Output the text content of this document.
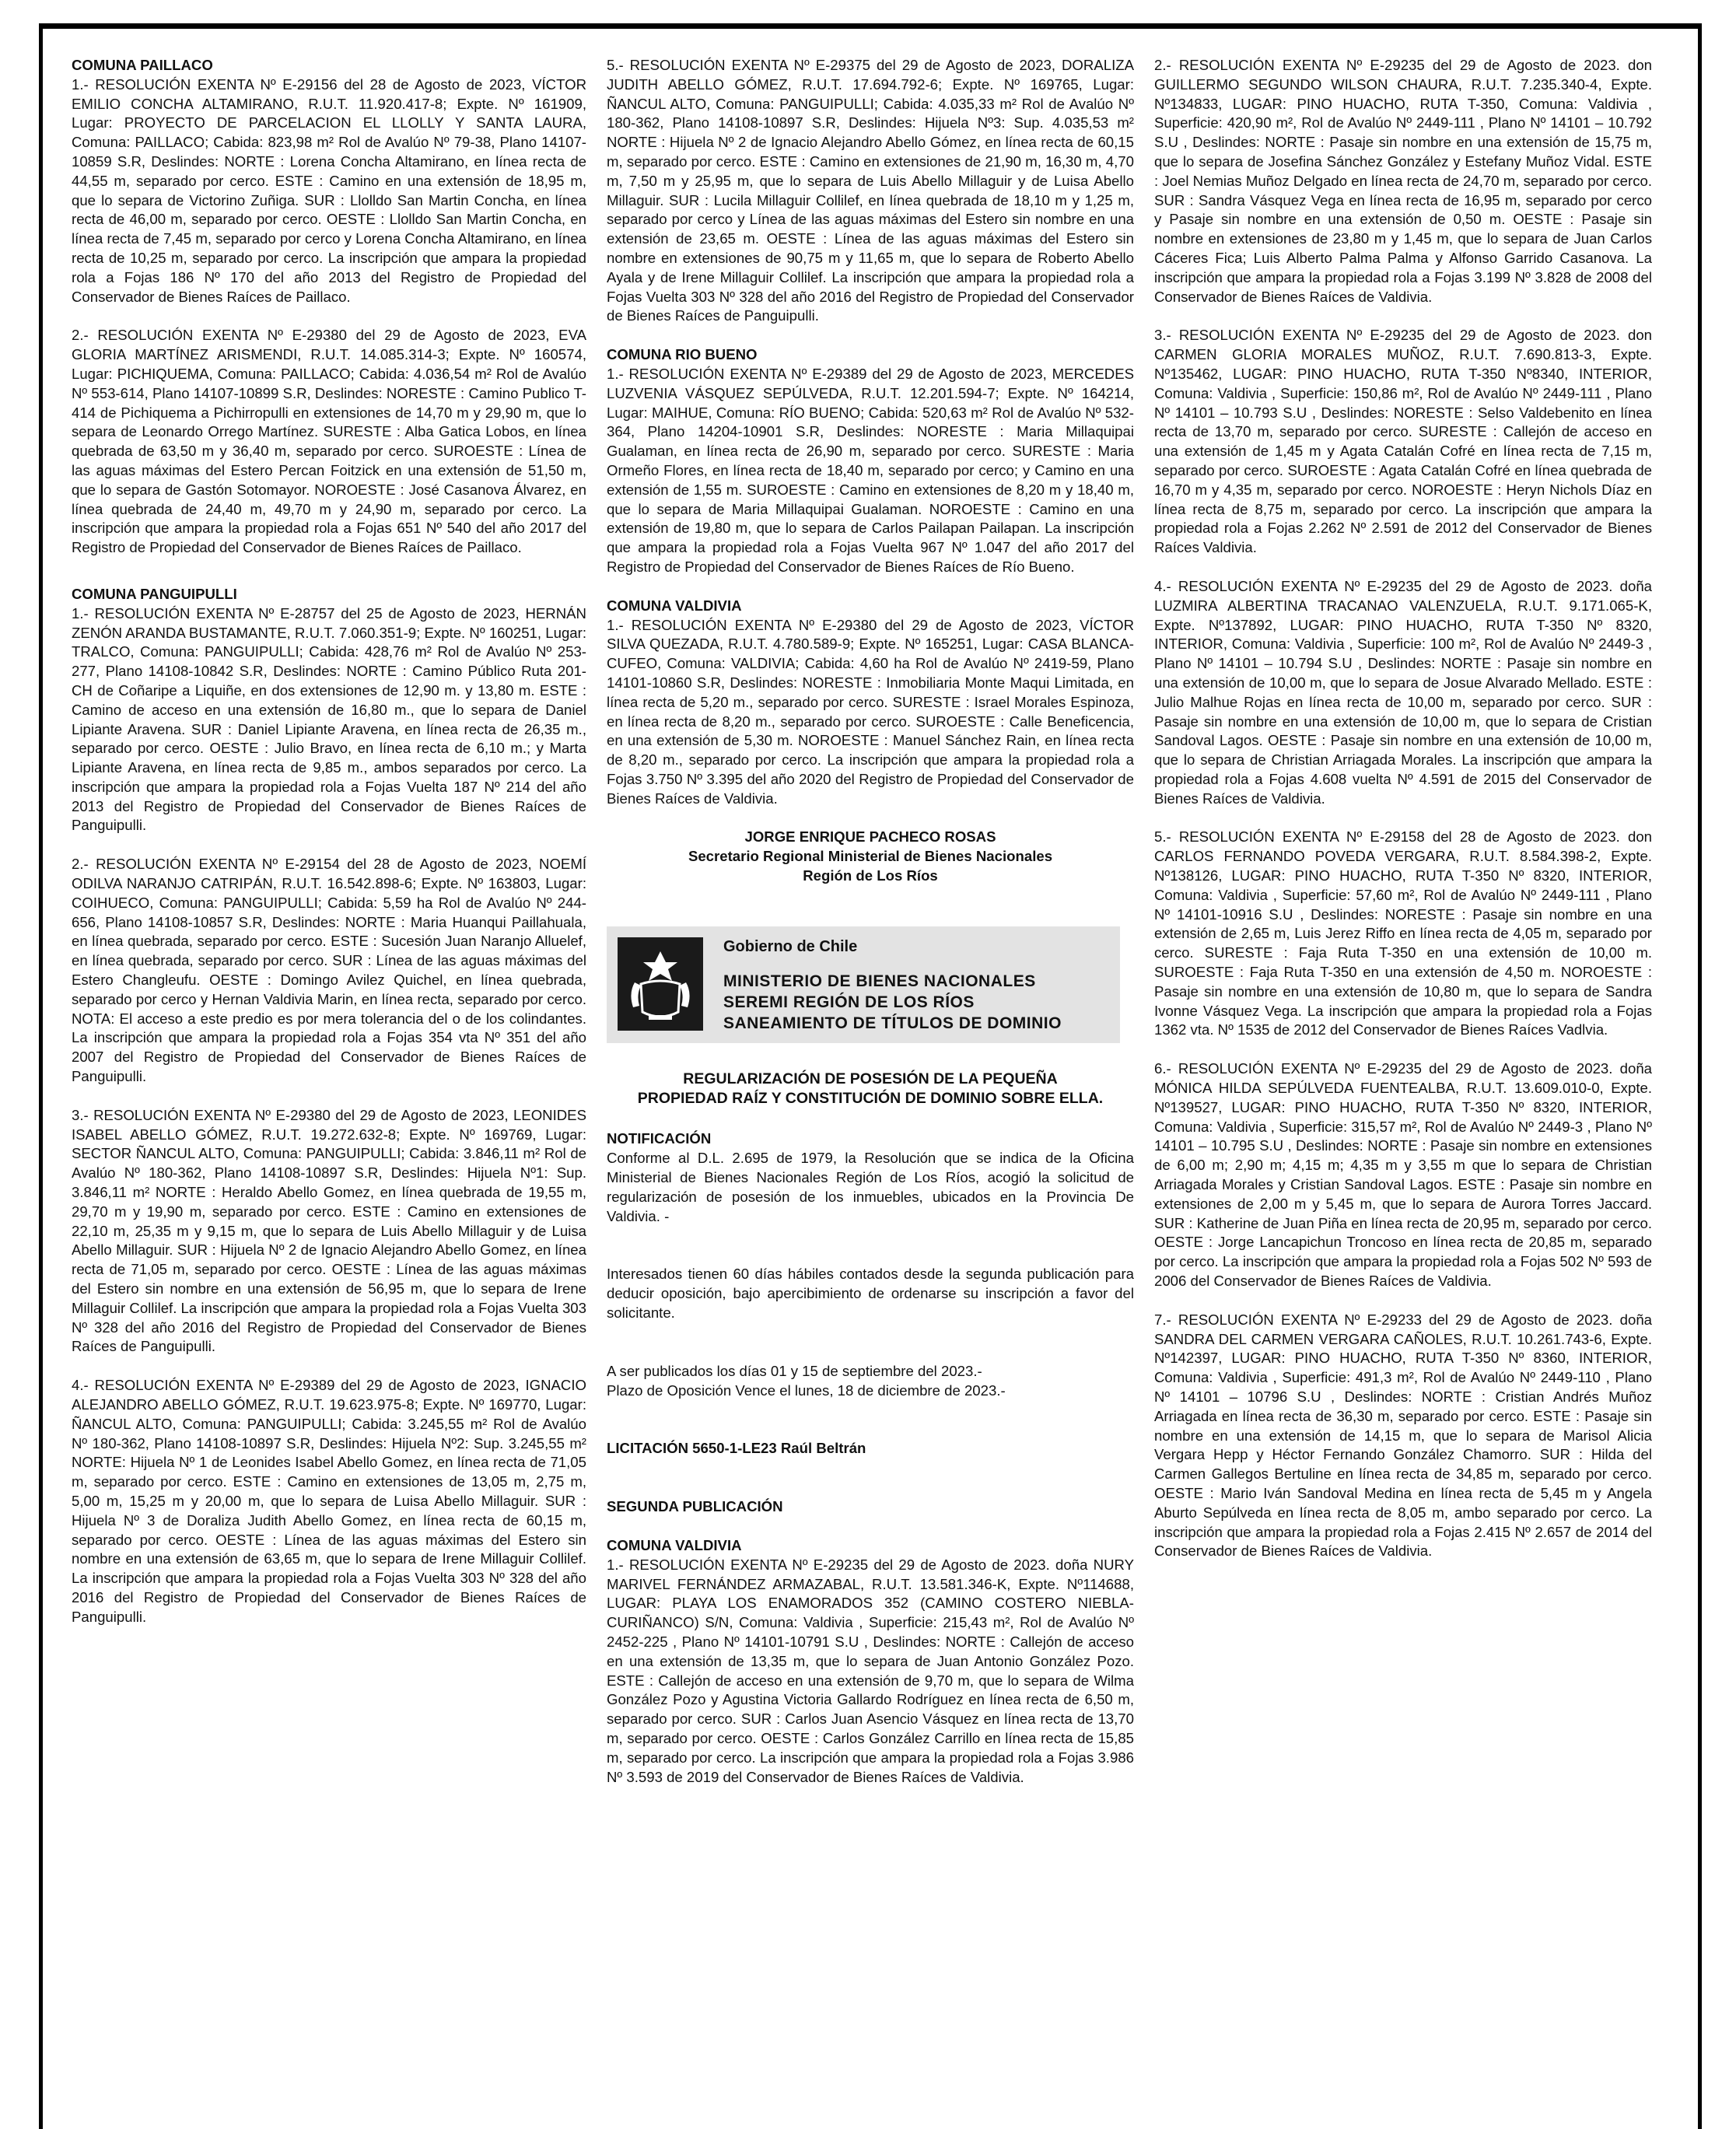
COMUNA PAILLACO

1.- RESOLUCIÓN EXENTA Nº E-29156 del 28 de Agosto de 2023, VÍCTOR EMILIO CONCHA ALTAMIRANO, R.U.T. 11.920.417-8; Expte. Nº 161909, Lugar: PROYECTO DE PARCELACION EL LLOLLY Y SANTA LAURA, Comuna: PAILLACO; Cabida: 823,98 m² Rol de Avalúo Nº 79-38, Plano 14107-10859 S.R, Deslindes: NORTE : Lorena Concha Altamirano, en línea recta de 44,55 m, separado por cerco. ESTE : Camino en una extensión de 18,95 m, que lo separa de Victorino Zuñiga. SUR : Llolldo San Martin Concha, en línea recta de 46,00 m, separado por cerco. OESTE : Llolldo San Martin Concha, en línea recta de 7,45 m, separado por cerco y Lorena Concha Altamirano, en línea recta de 10,25 m, separado por cerco. La inscripción que ampara la propiedad rola a Fojas 186 Nº 170 del año 2013 del Registro de Propiedad del Conservador de Bienes Raíces de Paillaco.

2.- RESOLUCIÓN EXENTA Nº E-29380 del 29 de Agosto de 2023, EVA GLORIA MARTÍNEZ ARISMENDI, R.U.T. 14.085.314-3; Expte. Nº 160574, Lugar: PICHIQUEMA, Comuna: PAILLACO; Cabida: 4.036,54 m² Rol de Avalúo Nº 553-614, Plano 14107-10899 S.R, Deslindes: NORESTE : Camino Publico T-414 de Pichiquema a Pichirropulli en extensiones de 14,70 m y 29,90 m, que lo separa de Leonardo Orrego Martínez. SURESTE : Alba Gatica Lobos, en línea quebrada de 63,50 m y 36,40 m, separado por cerco. SUROESTE : Línea de las aguas máximas del Estero Percan Foitzick en una extensión de 51,50 m, que lo separa de Gastón Sotomayor. NOROESTE : José Casanova Álvarez, en línea quebrada de 24,40 m, 49,70 m y 24,90 m, separado por cerco. La inscripción que ampara la propiedad rola a Fojas 651 Nº 540 del año 2017 del Registro de Propiedad del Conservador de Bienes Raíces de Paillaco.

COMUNA PANGUIPULLI

1.- RESOLUCIÓN EXENTA Nº E-28757 del 25 de Agosto de 2023, HERNÁN ZENÓN ARANDA BUSTAMANTE, R.U.T. 7.060.351-9; Expte. Nº 160251, Lugar: TRALCO, Comuna: PANGUIPULLI; Cabida: 428,76 m² Rol de Avalúo Nº 253-277, Plano 14108-10842 S.R, Deslindes: NORTE : Camino Público Ruta 201-CH de Coñaripe a Liquiñe, en dos extensiones de 12,90 m. y 13,80 m. ESTE : Camino de acceso en una extensión de 16,80 m., que lo separa de Daniel Lipiante Aravena. SUR : Daniel Lipiante Aravena, en línea recta de 26,35 m., separado por cerco. OESTE : Julio Bravo, en línea recta de 6,10 m.; y Marta Lipiante Aravena, en línea recta de 9,85 m., ambos separados por cerco. La inscripción que ampara la propiedad rola a Fojas Vuelta 187 Nº 214 del año 2013 del Registro de Propiedad del Conservador de Bienes Raíces de Panguipulli.

2.- RESOLUCIÓN EXENTA Nº E-29154 del 28 de Agosto de 2023, NOEMÍ ODILVA NARANJO CATRIPÁN, R.U.T. 16.542.898-6; Expte. Nº 163803, Lugar: COIHUECO, Comuna: PANGUIPULLI; Cabida: 5,59 ha Rol de Avalúo Nº 244-656, Plano 14108-10857 S.R, Deslindes: NORTE : Maria Huanqui Paillahuala, en línea quebrada, separado por cerco. ESTE : Sucesión Juan Naranjo Alluelef, en línea quebrada, separado por cerco. SUR : Línea de las aguas máximas del Estero Changleufu. OESTE : Domingo Avilez Quichel, en línea quebrada, separado por cerco y Hernan Valdivia Marin, en línea recta, separado por cerco. NOTA: El acceso a este predio es por mera tolerancia del o de los colindantes. La inscripción que ampara la propiedad rola a Fojas 354 vta Nº 351 del año 2007 del Registro de Propiedad del Conservador de Bienes Raíces de Panguipulli.

3.- RESOLUCIÓN EXENTA Nº E-29380 del 29 de Agosto de 2023, LEONIDES ISABEL ABELLO GÓMEZ, R.U.T. 19.272.632-8; Expte. Nº 169769, Lugar: SECTOR ÑANCUL ALTO, Comuna: PANGUIPULLI; Cabida: 3.846,11 m² Rol de Avalúo Nº 180-362, Plano 14108-10897 S.R, Deslindes: Hijuela Nº1: Sup. 3.846,11 m² NORTE : Heraldo Abello Gomez, en línea quebrada de 19,55 m, 29,70 m y 19,90 m, separado por cerco. ESTE : Camino en extensiones de 22,10 m, 25,35 m y 9,15 m, que lo separa de Luis Abello Millaguir y de Luisa Abello Millaguir. SUR : Hijuela Nº 2 de Ignacio Alejandro Abello Gomez, en línea recta de 71,05 m, separado por cerco. OESTE : Línea de las aguas máximas del Estero sin nombre en una extensión de 56,95 m, que lo separa de Irene Millaguir Collilef. La inscripción que ampara la propiedad rola a Fojas Vuelta 303 Nº 328 del año 2016 del Registro de Propiedad del Conservador de Bienes Raíces de Panguipulli.

4.- RESOLUCIÓN EXENTA Nº E-29389 del 29 de Agosto de 2023, IGNACIO ALEJANDRO ABELLO GÓMEZ, R.U.T. 19.623.975-8; Expte. Nº 169770, Lugar: ÑANCUL ALTO, Comuna: PANGUIPULLI; Cabida: 3.245,55 m² Rol de Avalúo Nº 180-362, Plano 14108-10897 S.R, Deslindes: Hijuela Nº2: Sup. 3.245,55 m² NORTE: Hijuela Nº 1 de Leonides Isabel Abello Gomez, en línea recta de 71,05 m, separado por cerco. ESTE : Camino en extensiones de 13,05 m, 2,75 m, 5,00 m, 15,25 m y 20,00 m, que lo separa de Luisa Abello Millaguir. SUR : Hijuela Nº 3 de Doraliza Judith Abello Gomez, en línea recta de 60,15 m, separado por cerco. OESTE : Línea de las aguas máximas del Estero sin nombre en una extensión de 63,65 m, que lo separa de Irene Millaguir Collilef. La inscripción que ampara la propiedad rola a Fojas Vuelta 303 Nº 328 del año 2016 del Registro de Propiedad del Conservador de Bienes Raíces de Panguipulli.

5.- RESOLUCIÓN EXENTA Nº E-29375 del 29 de Agosto de 2023, DORALIZA JUDITH ABELLO GÓMEZ, R.U.T. 17.694.792-6; Expte. Nº 169765, Lugar: ÑANCUL ALTO, Comuna: PANGUIPULLI; Cabida: 4.035,33 m² Rol de Avalúo Nº 180-362, Plano 14108-10897 S.R, Deslindes: Hijuela Nº3: Sup. 4.035,53 m² NORTE : Hijuela Nº 2 de Ignacio Alejandro Abello Gómez, en línea recta de 60,15 m, separado por cerco. ESTE : Camino en extensiones de 21,90 m, 16,30 m, 4,70 m, 7,50 m y 25,95 m, que lo separa de Luis Abello Millaguir y de Luisa Abello Millaguir. SUR : Lucila Millaguir Collilef, en línea quebrada de 18,10 m y 1,25 m, separado por cerco y Línea de las aguas máximas del Estero sin nombre en una extensión de 23,65 m. OESTE : Línea de las aguas máximas del Estero sin nombre en extensiones de 90,75 m y 11,65 m, que lo separa de Roberto Abello Ayala y de Irene Millaguir Collilef. La inscripción que ampara la propiedad rola a Fojas Vuelta 303 Nº 328 del año 2016 del Registro de Propiedad del Conservador de Bienes Raíces de Panguipulli.

COMUNA RIO BUENO

1.- RESOLUCIÓN EXENTA Nº E-29389 del 29 de Agosto de 2023, MERCEDES LUZVENIA VÁSQUEZ SEPÚLVEDA, R.U.T. 12.201.594-7; Expte. Nº 164214, Lugar: MAIHUE, Comuna: RÍO BUENO; Cabida: 520,63 m² Rol de Avalúo Nº 532-364, Plano 14204-10901 S.R, Deslindes: NORESTE : Maria Millaquipai Gualaman, en línea recta de 26,90 m, separado por cerco. SURESTE : Maria Ormeño Flores, en línea recta de 18,40 m, separado por cerco; y Camino en una extensión de 1,55 m. SUROESTE : Camino en extensiones de 8,20 m y 18,40 m, que lo separa de Maria Millaquipai Gualaman. NOROESTE : Camino en una extensión de 19,80 m, que lo separa de Carlos Pailapan Pailapan. La inscripción que ampara la propiedad rola a Fojas Vuelta 967 Nº 1.047 del año 2017 del Registro de Propiedad del Conservador de Bienes Raíces de Río Bueno.

COMUNA VALDIVIA

1.- RESOLUCIÓN EXENTA Nº E-29380 del 29 de Agosto de 2023, VÍCTOR SILVA QUEZADA, R.U.T. 4.780.589-9; Expte. Nº 165251, Lugar: CASA BLANCA- CUFEO, Comuna: VALDIVIA; Cabida: 4,60 ha Rol de Avalúo Nº 2419-59, Plano 14101-10860 S.R, Deslindes: NORESTE : Inmobiliaria Monte Maqui Limitada, en línea recta de 5,20 m., separado por cerco. SURESTE : Israel Morales Espinoza, en línea recta de 8,20 m., separado por cerco. SUROESTE : Calle Beneficencia, en una extensión de 5,30 m. NOROESTE : Manuel Sánchez Rain, en línea recta de 8,20 m., separado por cerco. La inscripción que ampara la propiedad rola a Fojas 3.750 Nº 3.395 del año 2020 del Registro de Propiedad del Conservador de Bienes Raíces de Valdivia.

JORGE ENRIQUE PACHECO ROSAS
Secretario Regional Ministerial de Bienes Nacionales
Región de Los Ríos
Gobierno de Chile
MINISTERIO DE BIENES NACIONALES
SEREMI REGIÓN DE LOS RÍOS
SANEAMIENTO DE TÍTULOS DE DOMINIO
REGULARIZACIÓN DE POSESIÓN DE LA PEQUEÑA
PROPIEDAD RAÍZ Y CONSTITUCIÓN DE DOMINIO SOBRE ELLA.

NOTIFICACIÓN

Conforme al D.L. 2.695 de 1979, la Resolución que se indica de la Oficina Ministerial de Bienes Nacionales Región de Los Ríos, acogió la solicitud de regularización de posesión de los inmuebles, ubicados en la Provincia De Valdivia. -

Interesados tienen 60 días hábiles contados desde la segunda publicación para deducir oposición, bajo apercibimiento de ordenarse su inscripción a favor del solicitante.

A ser publicados los días 01 y 15 de septiembre del 2023.-

Plazo de Oposición Vence el lunes, 18 de diciembre de 2023.-

LICITACIÓN 5650-1-LE23 Raúl Beltrán

SEGUNDA PUBLICACIÓN

COMUNA VALDIVIA

1.- RESOLUCIÓN EXENTA Nº E-29235 del 29 de Agosto de 2023. doña NURY MARIVEL FERNÁNDEZ ARMAZABAL, R.U.T. 13.581.346-K, Expte. Nº114688, LUGAR: PLAYA LOS ENAMORADOS 352 (CAMINO COSTERO NIEBLA-CURIÑANCO) S/N, Comuna: Valdivia , Superficie: 215,43 m², Rol de Avalúo Nº 2452-225 , Plano Nº 14101-10791 S.U , Deslindes: NORTE : Callejón de acceso en una extensión de 13,35 m, que lo separa de Juan Antonio González Pozo. ESTE : Callejón de acceso en una extensión de 9,70 m, que lo separa de Wilma González Pozo y Agustina Victoria Gallardo Rodríguez en línea recta de 6,50 m, separado por cerco. SUR : Carlos Juan Asencio Vásquez en línea recta de 13,70 m, separado por cerco. OESTE : Carlos González Carrillo en línea recta de 15,85 m, separado por cerco. La inscripción que ampara la propiedad rola a Fojas 3.986 Nº 3.593 de 2019 del Conservador de Bienes Raíces de Valdivia.

2.- RESOLUCIÓN EXENTA Nº E-29235 del 29 de Agosto de 2023. don GUILLERMO SEGUNDO WILSON CHAURA, R.U.T. 7.235.340-4, Expte. Nº134833, LUGAR: PINO HUACHO, RUTA T-350, Comuna: Valdivia , Superficie: 420,90 m², Rol de Avalúo Nº 2449-111 , Plano Nº 14101 – 10.792 S.U , Deslindes: NORTE : Pasaje sin nombre en una extensión de 15,75 m, que lo separa de Josefina Sánchez González y Estefany Muñoz Vidal. ESTE : Joel Nemias Muñoz Delgado en línea recta de 24,70 m, separado por cerco. SUR : Sandra Vásquez Vega en línea recta de 16,95 m, separado por cerco y Pasaje sin nombre en una extensión de 0,50 m. OESTE : Pasaje sin nombre en extensiones de 23,80 m y 1,45 m, que lo separa de Juan Carlos Cáceres Fica; Luis Alberto Palma Palma y Alfonso Garrido Casanova. La inscripción que ampara la propiedad rola a Fojas 3.199 Nº 3.828 de 2008 del Conservador de Bienes Raíces de Valdivia.

3.- RESOLUCIÓN EXENTA Nº E-29235 del 29 de Agosto de 2023. don CARMEN GLORIA MORALES MUÑOZ, R.U.T. 7.690.813-3, Expte. Nº135462, LUGAR: PINO HUACHO, RUTA T-350 Nº8340, INTERIOR, Comuna: Valdivia , Superficie: 150,86 m², Rol de Avalúo Nº 2449-111 , Plano Nº 14101 – 10.793 S.U , Deslindes: NORESTE : Selso Valdebenito en línea recta de 13,70 m, separado por cerco. SURESTE : Callejón de acceso en una extensión de 1,45 m y Agata Catalán Cofré en línea recta de 7,15 m, separado por cerco. SUROESTE : Agata Catalán Cofré en línea quebrada de 16,70 m y 4,35 m, separado por cerco. NOROESTE : Heryn Nichols Díaz en línea recta de 8,75 m, separado por cerco. La inscripción que ampara la propiedad rola a Fojas 2.262 Nº 2.591 de 2012 del Conservador de Bienes Raíces Valdivia.

4.- RESOLUCIÓN EXENTA Nº E-29235 del 29 de Agosto de 2023. doña LUZMIRA ALBERTINA TRACANAO VALENZUELA, R.U.T. 9.171.065-K, Expte. Nº137892, LUGAR: PINO HUACHO, RUTA T-350 Nº 8320, INTERIOR, Comuna: Valdivia , Superficie: 100 m², Rol de Avalúo Nº 2449-3 , Plano Nº 14101 – 10.794 S.U , Deslindes: NORTE : Pasaje sin nombre en una extensión de 10,00 m, que lo separa de Josue Alvarado Mellado. ESTE : Julio Malhue Rojas en línea recta de 10,00 m, separado por cerco. SUR : Pasaje sin nombre en una extensión de 10,00 m, que lo separa de Cristian Sandoval Lagos. OESTE : Pasaje sin nombre en una extensión de 10,00 m, que lo separa de Christian Arriagada Morales. La inscripción que ampara la propiedad rola a Fojas 4.608 vuelta Nº 4.591 de 2015 del Conservador de Bienes Raíces de Valdivia.

5.- RESOLUCIÓN EXENTA Nº E-29158 del 28 de Agosto de 2023. don CARLOS FERNANDO POVEDA VERGARA, R.U.T. 8.584.398-2, Expte. Nº138126, LUGAR: PINO HUACHO, RUTA T-350 Nº 8320, INTERIOR, Comuna: Valdivia , Superficie: 57,60 m², Rol de Avalúo Nº 2449-111 , Plano Nº 14101-10916 S.U , Deslindes: NORESTE : Pasaje sin nombre en una extensión de 2,65 m, Luis Jerez Riffo en línea recta de 4,05 m, separado por cerco. SURESTE : Faja Ruta T-350 en una extensión de 10,00 m. SUROESTE : Faja Ruta T-350 en una extensión de 4,50 m. NOROESTE : Pasaje sin nombre en una extensión de 10,80 m, que lo separa de Sandra Ivonne Vásquez Vega. La inscripción que ampara la propiedad rola a Fojas 1362 vta. Nº 1535 de 2012 del Conservador de Bienes Raíces Vadlvia.

6.- RESOLUCIÓN EXENTA Nº E-29235 del 29 de Agosto de 2023. doña MÓNICA HILDA SEPÚLVEDA FUENTEALBA, R.U.T. 13.609.010-0, Expte. Nº139527, LUGAR: PINO HUACHO, RUTA T-350 Nº 8320, INTERIOR, Comuna: Valdivia , Superficie: 315,57 m², Rol de Avalúo Nº 2449-3 , Plano Nº 14101 – 10.795 S.U , Deslindes: NORTE : Pasaje sin nombre en extensiones de 6,00 m; 2,90 m; 4,15 m; 4,35 m y 3,55 m que lo separa de Christian Arriagada Morales y Cristian Sandoval Lagos. ESTE : Pasaje sin nombre en extensiones de 2,00 m y 5,45 m, que lo separa de Aurora Torres Jaccard. SUR : Katherine de Juan Piña en línea recta de 20,95 m, separado por cerco. OESTE : Jorge Lancapichun Troncoso en línea recta de 20,85 m, separado por cerco. La inscripción que ampara la propiedad rola a Fojas 502 Nº 593 de 2006 del Conservador de Bienes Raíces de Valdivia.

7.- RESOLUCIÓN EXENTA Nº E-29233 del 29 de Agosto de 2023. doña SANDRA DEL CARMEN VERGARA CAÑOLES, R.U.T. 10.261.743-6, Expte. Nº142397, LUGAR: PINO HUACHO, RUTA T-350 Nº 8360, INTERIOR, Comuna: Valdivia , Superficie: 491,3 m², Rol de Avalúo Nº 2449-110 , Plano Nº 14101 – 10796 S.U , Deslindes: NORTE : Cristian Andrés Muñoz Arriagada en línea recta de 36,30 m, separado por cerco. ESTE : Pasaje sin nombre en una extensión de 14,15 m, que lo separa de Marisol Alicia Vergara Hepp y Héctor Fernando González Chamorro. SUR : Hilda del Carmen Gallegos Bertuline en línea recta de 34,85 m, separado por cerco. OESTE : Mario Iván Sandoval Medina en línea recta de 5,45 m y Angela Aburto Sepúlveda en línea recta de 8,05 m, ambo separado por cerco. La inscripción que ampara la propiedad rola a Fojas 2.415 Nº 2.657 de 2014 del Conservador de Bienes Raíces de Valdivia.
